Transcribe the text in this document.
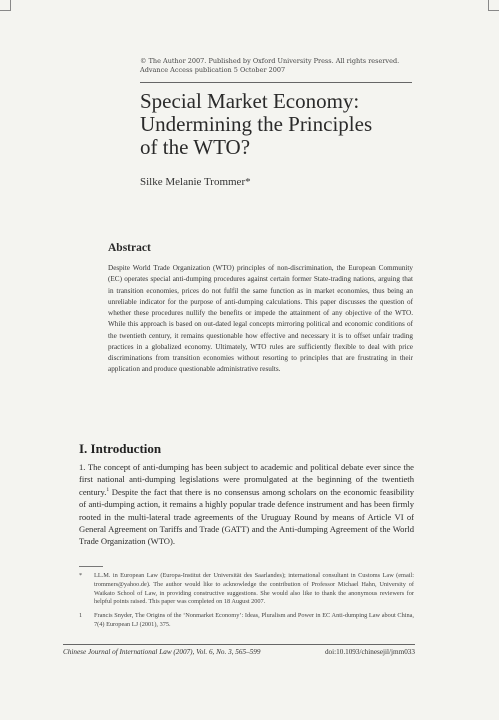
© The Author 2007. Published by Oxford University Press. All rights reserved.
Advance Access publication 5 October 2007
Special Market Economy:
Undermining the Principles
of the WTO?
Silke Melanie Trommer*
Abstract
Despite World Trade Organization (WTO) principles of non-discrimination, the European Community (EC) operates special anti-dumping procedures against certain former State-trading nations, arguing that in transition economies, prices do not fulfil the same function as in market economies, thus being an unreliable indicator for the purpose of anti-dumping calculations. This paper discusses the question of whether these procedures nullify the benefits or impede the attainment of any objective of the WTO. While this approach is based on out-dated legal concepts mirroring political and economic conditions of the twentieth century, it remains questionable how effective and necessary it is to offset unfair trading practices in a globalized economy. Ultimately, WTO rules are sufficiently flexible to deal with price discriminations from transition economies without resorting to principles that are frustrating in their application and produce questionable administrative results.
I. Introduction
1. The concept of anti-dumping has been subject to academic and political debate ever since the first national anti-dumping legislations were promulgated at the beginning of the twentieth century.$^1$ Despite the fact that there is no consensus among scholars on the economic feasibility of anti-dumping action, it remains a highly popular trade defence instrument and has been firmly rooted in the multi-lateral trade agreements of the Uruguay Round by means of Article VI of General Agreement on Tariffs and Trade (GATT) and the Anti-dumping Agreement of the World Trade Organization (WTO).
*	LL.M. in European Law (Europa-Institut der Universität des Saarlandes); international consultant in Customs Law (email: trommers@yahoo.de). The author would like to acknowledge the contribution of Professor Michael Hahn, University of Waikato School of Law, in providing constructive suggestions. She would also like to thank the anonymous reviewers for helpful points raised. This paper was completed on 18 August 2007.
1	Francis Snyder, The Origins of the ‘Nonmarket Economy’: Ideas, Pluralism and Power in EC Anti-dumping Law about China, 7(4) European LJ (2001), 375.
Chinese Journal of International Law (2007), Vol. 6, No. 3, 565–599	doi:10.1093/chinesejil/jmm033
